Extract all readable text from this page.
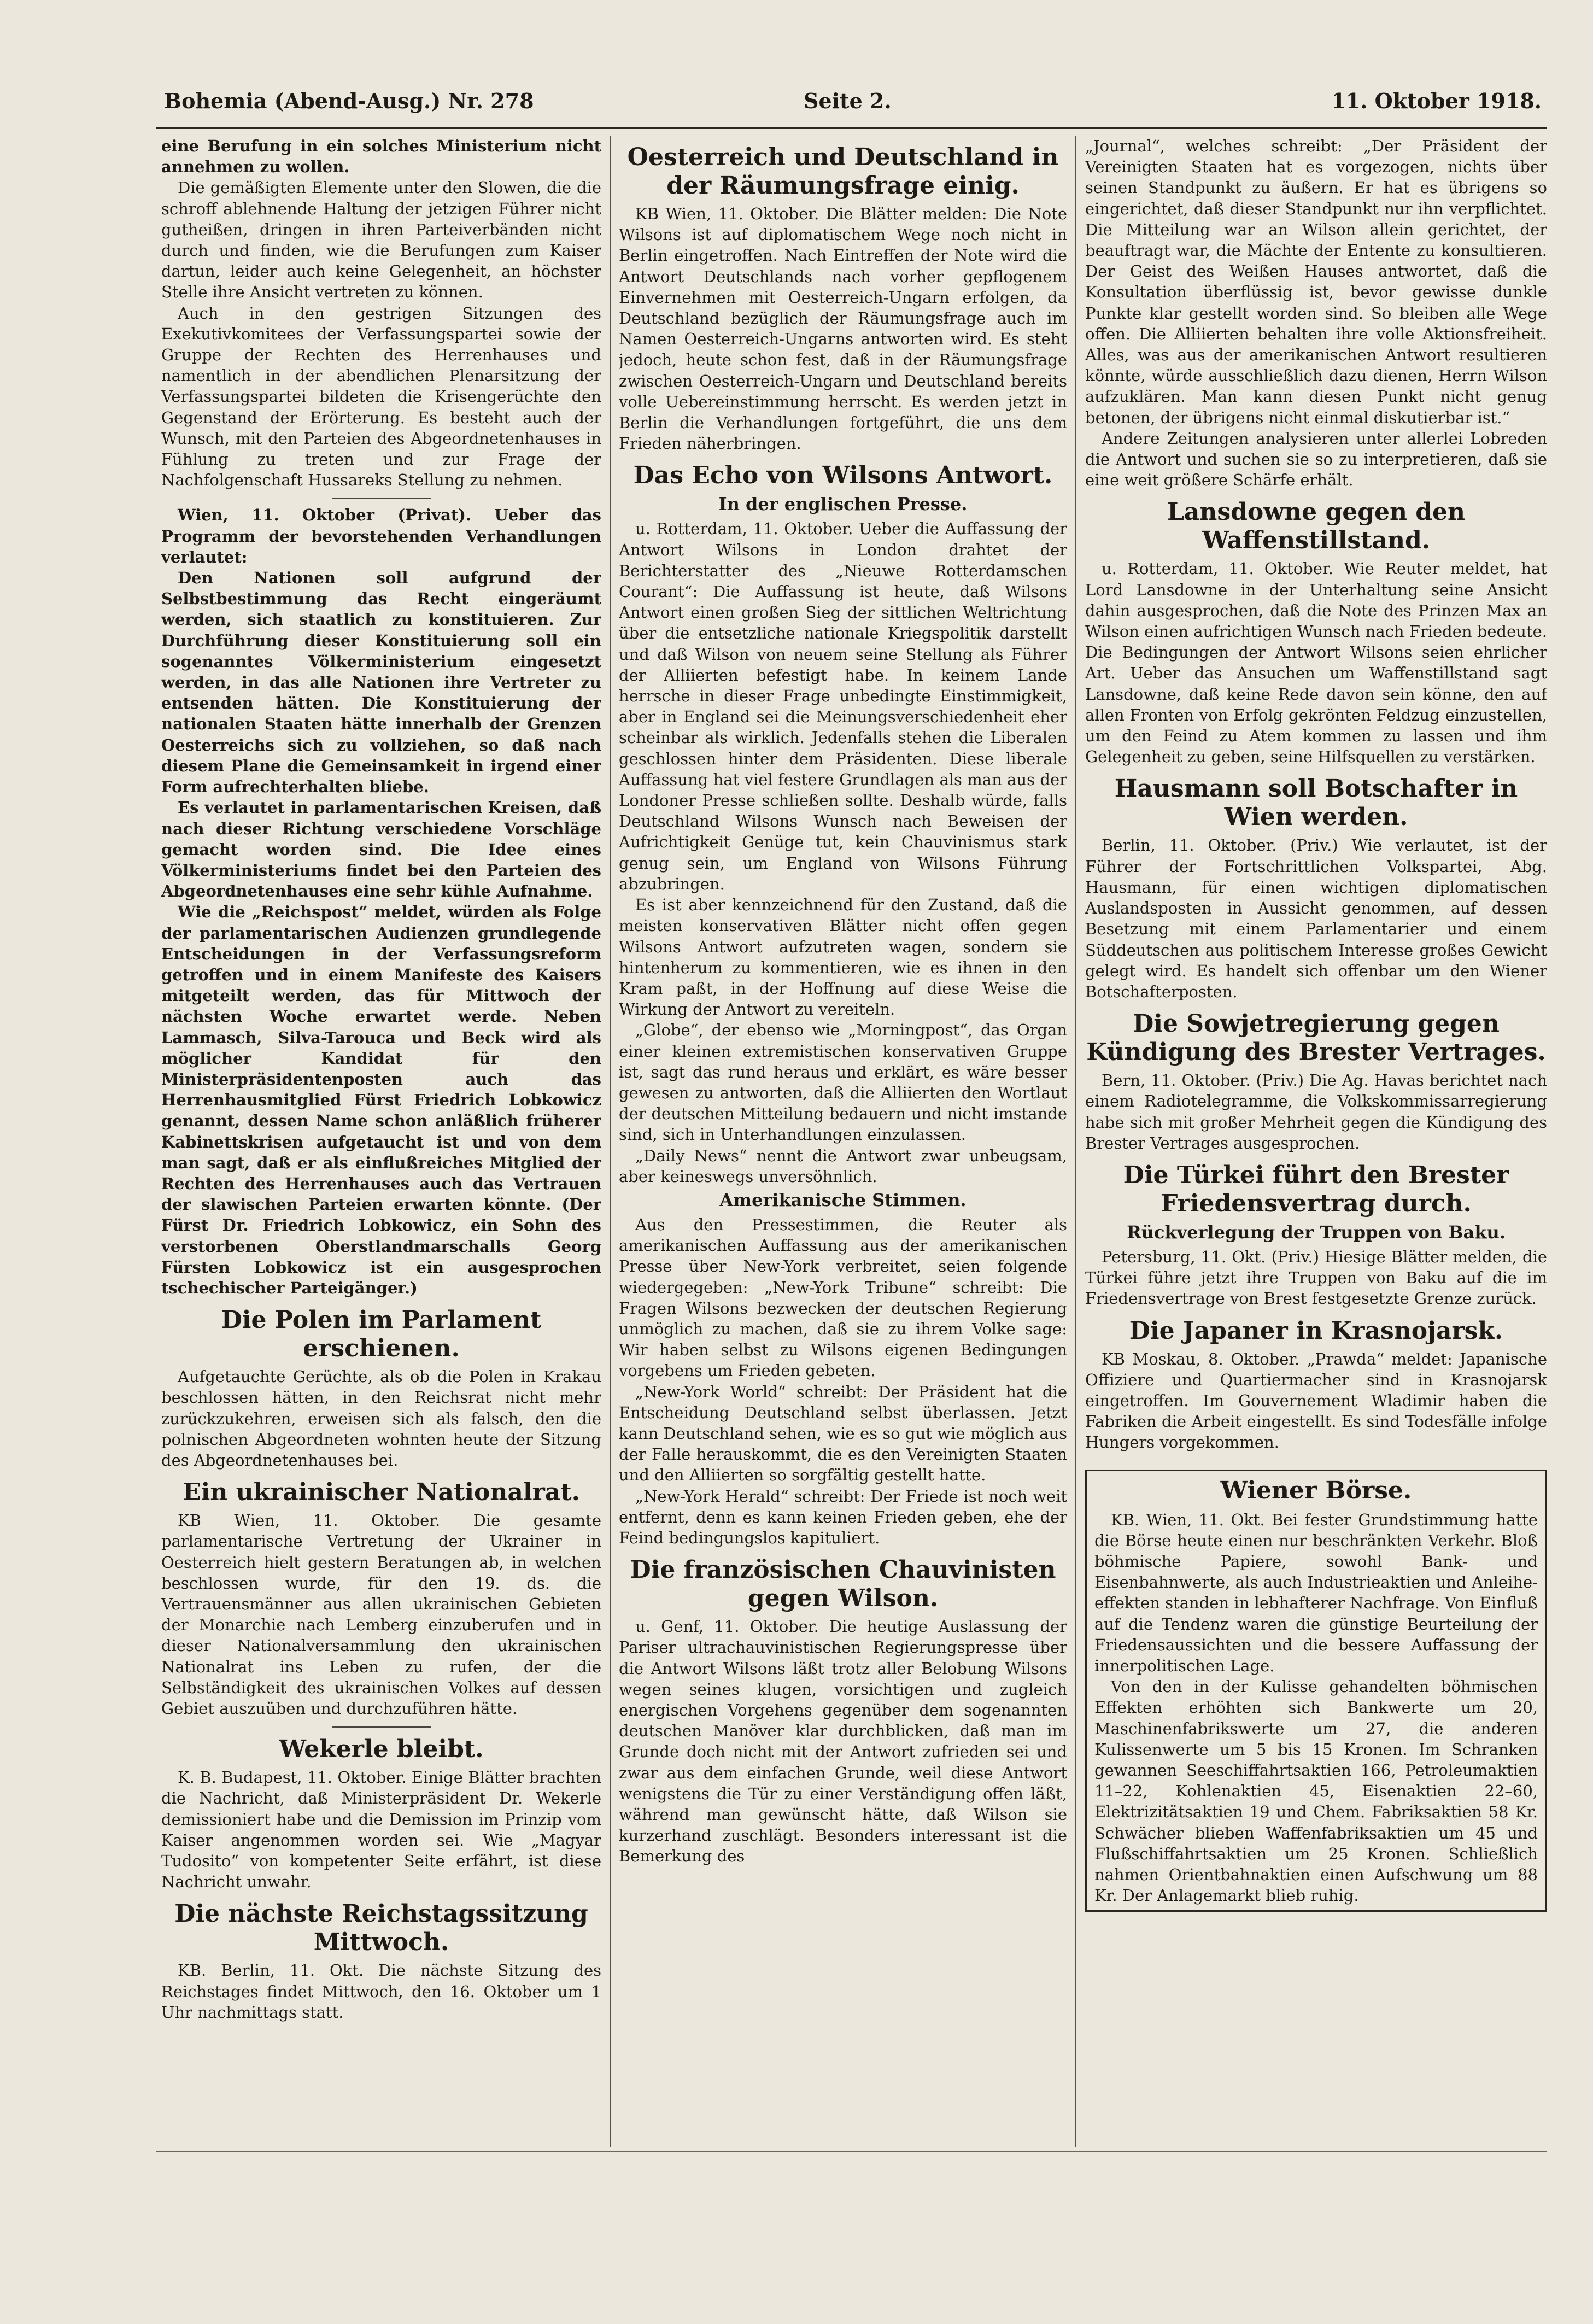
Bohemia (Abend-Ausg.) Nr. 278	Seite 2.	11. Oktober 1918.

eine Berufung in ein solches Ministerium nicht annehmen zu wollen.

Die gemäßigten Elemente unter den Slowen, die die schroff ablehnende Haltung der jetzigen Führer nicht gutheißen, dringen in ihren Parteiverbänden nicht durch und finden, wie die Berufungen zum Kaiser dartun, leider auch keine Gelegenheit, an höchster Stelle ihre Ansicht vertreten zu können.

Auch in den gestrigen Sitzungen des Exekutivkomitees der Verfassungspartei sowie der Gruppe der Rechten des Herrenhauses und namentlich in der abendlichen Plenarsitzung der Verfassungspartei bildeten die Krisengerüchte den Gegenstand der Erörterung. Es besteht auch der Wunsch, mit den Parteien des Abgeordnetenhauses in Fühlung zu treten und zur Frage der Nachfolgenschaft Hussareks Stellung zu nehmen.

Wien, 11. Oktober (Privat). Ueber das Programm der bevorstehenden Verhandlungen verlautet:

Den Nationen soll aufgrund der Selbstbestimmung das Recht eingeräumt werden, sich staatlich zu konstituieren. Zur Durchführung dieser Konstituierung soll ein sogenanntes Völkerministerium eingesetzt werden, in das alle Nationen ihre Vertreter zu entsenden hätten. Die Konstituierung der nationalen Staaten hätte innerhalb der Grenzen Oesterreichs sich zu vollziehen, so daß nach diesem Plane die Gemeinsamkeit in irgend einer Form aufrechterhalten bliebe.

Es verlautet in parlamentarischen Kreisen, daß nach dieser Richtung verschiedene Vorschläge gemacht worden sind. Die Idee eines Völkerministeriums findet bei den Parteien des Abgeordnetenhauses eine sehr kühle Aufnahme.

Wie die „Reichspost“ meldet, würden als Folge der parlamentarischen Audienzen grundlegende Entscheidungen in der Verfassungsreform getroffen und in einem Manifeste des Kaisers mitgeteilt werden, das für Mittwoch der nächsten Woche erwartet werde. Neben Lammasch, Silva-Tarouca und Beck wird als möglicher Kandidat für den Ministerpräsidentenposten auch das Herrenhausmitglied Fürst Friedrich Lobkowicz genannt, dessen Name schon anläßlich früherer Kabinettskrisen aufgetaucht ist und von dem man sagt, daß er als einflußreiches Mitglied der Rechten des Herrenhauses auch das Vertrauen der slawischen Parteien erwarten könnte. (Der Fürst Dr. Friedrich Lobkowicz, ein Sohn des verstorbenen Oberstlandmarschalls Georg Fürsten Lobkowicz ist ein ausgesprochen tschechischer Parteigänger.)

Die Polen im Parlament erschienen.

Aufgetauchte Gerüchte, als ob die Polen in Krakau beschlossen hätten, in den Reichsrat nicht mehr zurückzukehren, erweisen sich als falsch, den die polnischen Abgeordneten wohnten heute der Sitzung des Abgeordnetenhauses bei.

Ein ukrainischer Nationalrat.

KB Wien, 11. Oktober. Die gesamte parlamentarische Vertretung der Ukrainer in Oesterreich hielt gestern Beratungen ab, in welchen beschlossen wurde, für den 19. ds. die Vertrauensmänner aus allen ukrainischen Gebieten der Monarchie nach Lemberg einzuberufen und in dieser Nationalversammlung den ukrainischen Nationalrat ins Leben zu rufen, der die Selbständigkeit des ukrainischen Volkes auf dessen Gebiet auszuüben und durchzuführen hätte.

Wekerle bleibt.

K. B. Budapest, 11. Oktober. Einige Blätter brachten die Nachricht, daß Ministerpräsident Dr. Wekerle demissioniert habe und die Demission im Prinzip vom Kaiser angenommen worden sei. Wie „Magyar Tudosito“ von kompetenter Seite erfährt, ist diese Nachricht unwahr.

Die nächste Reichstagssitzung Mittwoch.

KB. Berlin, 11. Okt. Die nächste Sitzung des Reichstages findet Mittwoch, den 16. Oktober um 1 Uhr nachmittags statt.

Oesterreich und Deutschland in der Räumungsfrage einig.

KB Wien, 11. Oktober. Die Blätter melden: Die Note Wilsons ist auf diplomatischem Wege noch nicht in Berlin eingetroffen. Nach Eintreffen der Note wird die Antwort Deutschlands nach vorher gepflogenem Einvernehmen mit Oesterreich-Ungarn erfolgen, da Deutschland bezüglich der Räumungsfrage auch im Namen Oesterreich-Ungarns antworten wird. Es steht jedoch, heute schon fest, daß in der Räumungsfrage zwischen Oesterreich-Ungarn und Deutschland bereits volle Uebereinstimmung herrscht. Es werden jetzt in Berlin die Verhandlungen fortgeführt, die uns dem Frieden näherbringen.

Das Echo von Wilsons Antwort.
In der englischen Presse.

u. Rotterdam, 11. Oktober. Ueber die Auffassung der Antwort Wilsons in London drahtet der Berichterstatter des „Nieuwe Rotterdamschen Courant“: Die Auffassung ist heute, daß Wilsons Antwort einen großen Sieg der sittlichen Weltrichtung über die entsetzliche nationale Kriegspolitik darstellt und daß Wilson von neuem seine Stellung als Führer der Alliierten befestigt habe. In keinem Lande herrsche in dieser Frage unbedingte Einstimmigkeit, aber in England sei die Meinungsverschiedenheit eher scheinbar als wirklich. Jedenfalls stehen die Liberalen geschlossen hinter dem Präsidenten. Diese liberale Auffassung hat viel festere Grundlagen als man aus der Londoner Presse schließen sollte. Deshalb würde, falls Deutschland Wilsons Wunsch nach Beweisen der Aufrichtigkeit Genüge tut, kein Chauvinismus stark genug sein, um England von Wilsons Führung abzubringen.

Es ist aber kennzeichnend für den Zustand, daß die meisten konservativen Blätter nicht offen gegen Wilsons Antwort aufzutreten wagen, sondern sie hintenherum zu kommentieren, wie es ihnen in den Kram paßt, in der Hoffnung auf diese Weise die Wirkung der Antwort zu vereiteln.

„Globe“, der ebenso wie „Morningpost“, das Organ einer kleinen extremistischen konservativen Gruppe ist, sagt das rund heraus und erklärt, es wäre besser gewesen zu antworten, daß die Alliierten den Wortlaut der deutschen Mitteilung bedauern und nicht imstande sind, sich in Unterhandlungen einzulassen.

„Daily News“ nennt die Antwort zwar unbeugsam, aber keineswegs unversöhnlich.

Amerikanische Stimmen.

Aus den Pressestimmen, die Reuter als amerikanischen Auffassung aus der amerikanischen Presse über New-York verbreitet, seien folgende wiedergegeben: „New-York Tribune“ schreibt: Die Fragen Wilsons bezwecken der deutschen Regierung unmöglich zu machen, daß sie zu ihrem Volke sage: Wir haben selbst zu Wilsons eigenen Bedingungen vorgebens um Frieden gebeten.

„New-York World“ schreibt: Der Präsident hat die Entscheidung Deutschland selbst überlassen. Jetzt kann Deutschland sehen, wie es so gut wie möglich aus der Falle herauskommt, die es den Vereinigten Staaten und den Alliierten so sorgfältig gestellt hatte.

„New-York Herald“ schreibt: Der Friede ist noch weit entfernt, denn es kann keinen Frieden geben, ehe der Feind bedingungslos kapituliert.

Die französischen Chauvinisten gegen Wilson.

u. Genf, 11. Oktober. Die heutige Auslassung der Pariser ultrachauvinistischen Regierungspresse über die Antwort Wilsons läßt trotz aller Belobung Wilsons wegen seines klugen, vorsichtigen und zugleich energischen Vorgehens gegenüber dem sogenannten deutschen Manöver klar durchblicken, daß man im Grunde doch nicht mit der Antwort zufrieden sei und zwar aus dem einfachen Grunde, weil diese Antwort wenigstens die Tür zu einer Verständigung offen läßt, während man gewünscht hätte, daß Wilson sie kurzerhand zuschlägt. Besonders interessant ist die Bemerkung des

„Journal“, welches schreibt: „Der Präsident der Vereinigten Staaten hat es vorgezogen, nichts über seinen Standpunkt zu äußern. Er hat es übrigens so eingerichtet, daß dieser Standpunkt nur ihn verpflichtet. Die Mitteilung war an Wilson allein gerichtet, der beauftragt war, die Mächte der Entente zu konsultieren. Der Geist des Weißen Hauses antwortet, daß die Konsultation überflüssig ist, bevor gewisse dunkle Punkte klar gestellt worden sind. So bleiben alle Wege offen. Die Alliierten behalten ihre volle Aktionsfreiheit. Alles, was aus der amerikanischen Antwort resultieren könnte, würde ausschließlich dazu dienen, Herrn Wilson aufzuklären. Man kann diesen Punkt nicht genug betonen, der übrigens nicht einmal diskutierbar ist.“

Andere Zeitungen analysieren unter allerlei Lobreden die Antwort und suchen sie so zu interpretieren, daß sie eine weit größere Schärfe erhält.

Lansdowne gegen den Waffenstillstand.

u. Rotterdam, 11. Oktober. Wie Reuter meldet, hat Lord Lansdowne in der Unterhaltung seine Ansicht dahin ausgesprochen, daß die Note des Prinzen Max an Wilson einen aufrichtigen Wunsch nach Frieden bedeute. Die Bedingungen der Antwort Wilsons seien ehrlicher Art. Ueber das Ansuchen um Waffenstillstand sagt Lansdowne, daß keine Rede davon sein könne, den auf allen Fronten von Erfolg gekrönten Feldzug einzustellen, um den Feind zu Atem kommen zu lassen und ihm Gelegenheit zu geben, seine Hilfsquellen zu verstärken.

Hausmann soll Botschafter in Wien werden.

Berlin, 11. Oktober. (Priv.) Wie verlautet, ist der Führer der Fortschrittlichen Volkspartei, Abg. Hausmann, für einen wichtigen diplomatischen Auslandsposten in Aussicht genommen, auf dessen Besetzung mit einem Parlamentarier und einem Süddeutschen aus politischem Interesse großes Gewicht gelegt wird. Es handelt sich offenbar um den Wiener Botschafterposten.

Die Sowjetregierung gegen Kündigung des Brester Vertrages.

Bern, 11. Oktober. (Priv.) Die Ag. Havas berichtet nach einem Radiotelegramme, die Volkskommissarregierung habe sich mit großer Mehrheit gegen die Kündigung des Brester Vertrages ausgesprochen.

Die Türkei führt den Brester Friedensvertrag durch.
Rückverlegung der Truppen von Baku.

Petersburg, 11. Okt. (Priv.) Hiesige Blätter melden, die Türkei führe jetzt ihre Truppen von Baku auf die im Friedensvertrage von Brest festgesetzte Grenze zurück.

Die Japaner in Krasnojarsk.

KB Moskau, 8. Oktober. „Prawda“ meldet: Japanische Offiziere und Quartiermacher sind in Krasnojarsk eingetroffen. Im Gouvernement Wladimir haben die Fabriken die Arbeit eingestellt. Es sind Todesfälle infolge Hungers vorgekommen.

Wiener Börse.

KB. Wien, 11. Okt. Bei fester Grundstimmung hatte die Börse heute einen nur beschränkten Verkehr. Bloß böhmische Papiere, sowohl Bank- und Eisenbahnwerte, als auch Industrieaktien und Anleihe-effekten standen in lebhafterer Nachfrage. Von Einfluß auf die Tendenz waren die günstige Beurteilung der Friedensaussichten und die bessere Auffassung der innerpolitischen Lage.

Von den in der Kulisse gehandelten böhmischen Effekten erhöhten sich Bankwerte um 20, Maschinenfabrikswerte um 27, die anderen Kulissenwerte um 5 bis 15 Kronen. Im Schranken gewannen Seeschiffahrtsaktien 166, Petroleumaktien 11–22, Kohlenaktien 45, Eisenaktien 22–60, Elektrizitätsaktien 19 und Chem. Fabriksaktien 58 Kr. Schwächer blieben Waffenfabriksaktien um 45 und Flußschiffahrtsaktien um 25 Kronen. Schließlich nahmen Orientbahnaktien einen Aufschwung um 88 Kr. Der Anlagemarkt blieb ruhig.
